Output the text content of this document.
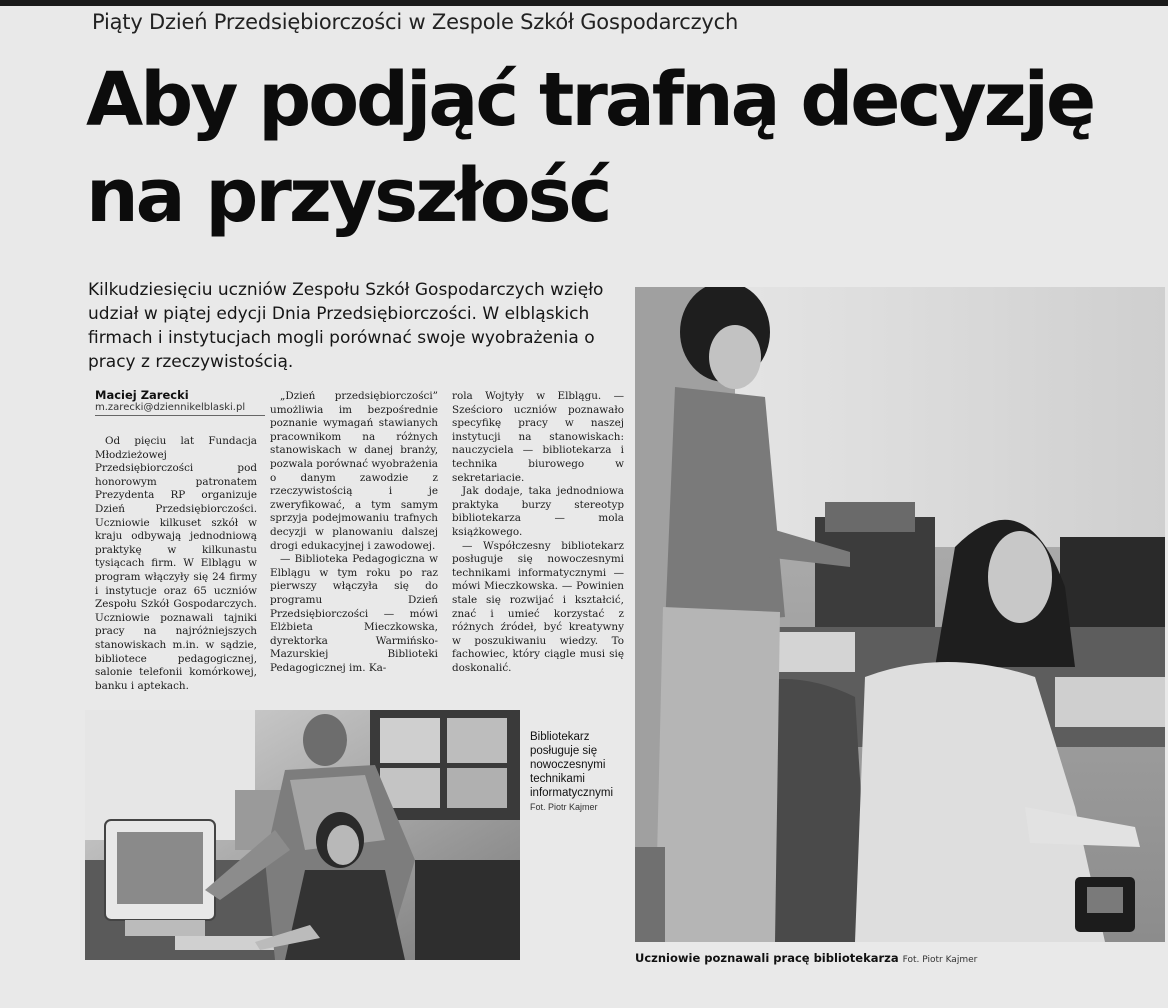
Piąty Dzień Przedsiębiorczości w Zespole Szkół Gospodarczych
Aby podjąć trafną decyzję na przyszłość

Kilkudziesięciu uczniów Zespołu Szkół Gospodarczych wzięło udział w piątej edycji Dnia Przedsiębiorczości. W elbląskich firmach i instytucjach mogli porównać swoje wyobrażenia o pracy z rzeczywistością.

Maciej Zarecki
m.zarecki@dziennikelblaski.pl

Od pięciu lat Fundacja Młodzieżowej Przedsiębiorczości pod honorowym patronatem Prezydenta RP organizuje Dzień Przedsiębiorczości. Uczniowie kilkuset szkół w kraju odbywają jednodniową praktykę w kilkunastu tysiącach firm. W Elblągu w program włączyły się 24 firmy i instytucje oraz 65 uczniów Zespołu Szkół Gospodarczych. Uczniowie poznawali tajniki pracy na najróżniejszych stanowiskach m.in. w sądzie, bibliotece pedagogicznej, salonie telefonii komórkowej, banku i aptekach.

„Dzień przedsiębiorczości” umożliwia im bezpośrednie poznanie wymagań stawianych pracownikom na różnych stanowiskach w danej branży, pozwala porównać wyobrażenia o danym zawodzie z rzeczywistością i je zweryfikować, a tym samym sprzyja podejmowaniu trafnych decyzji w planowaniu dalszej drogi edukacyjnej i zawodowej.

— Biblioteka Pedagogiczna w Elblągu w tym roku po raz pierwszy włączyła się do programu Dzień Przedsiębiorczości — mówi Elżbieta Mieczkowska, dyrektorka Warmińsko-Mazurskiej Biblioteki Pedagogicznej im. Ka-

rola Wojtyły w Elblągu. — Sześcioro uczniów poznawało specyfikę pracy w naszej instytucji na stanowiskach: nauczyciela — bibliotekarza i technika biurowego w sekretariacie.

Jak dodaje, taka jednodniowa praktyka burzy stereotyp bibliotekarza — mola książkowego.

— Współczesny bibliotekarz posługuje się nowoczesnymi technikami informatycznymi — mówi Mieczkowska. — Powinien stale się rozwijać i kształcić, znać i umieć korzystać z różnych źródeł, być kreatywny w poszukiwaniu wiedzy. To fachowiec, który ciągle musi się doskonalić.

Bibliotekarz posługuje się nowoczesnymi technikami informatycznymi
Fot. Piotr Kajmer
Uczniowie poznawali pracę bibliotekarza Fot. Piotr Kajmer
